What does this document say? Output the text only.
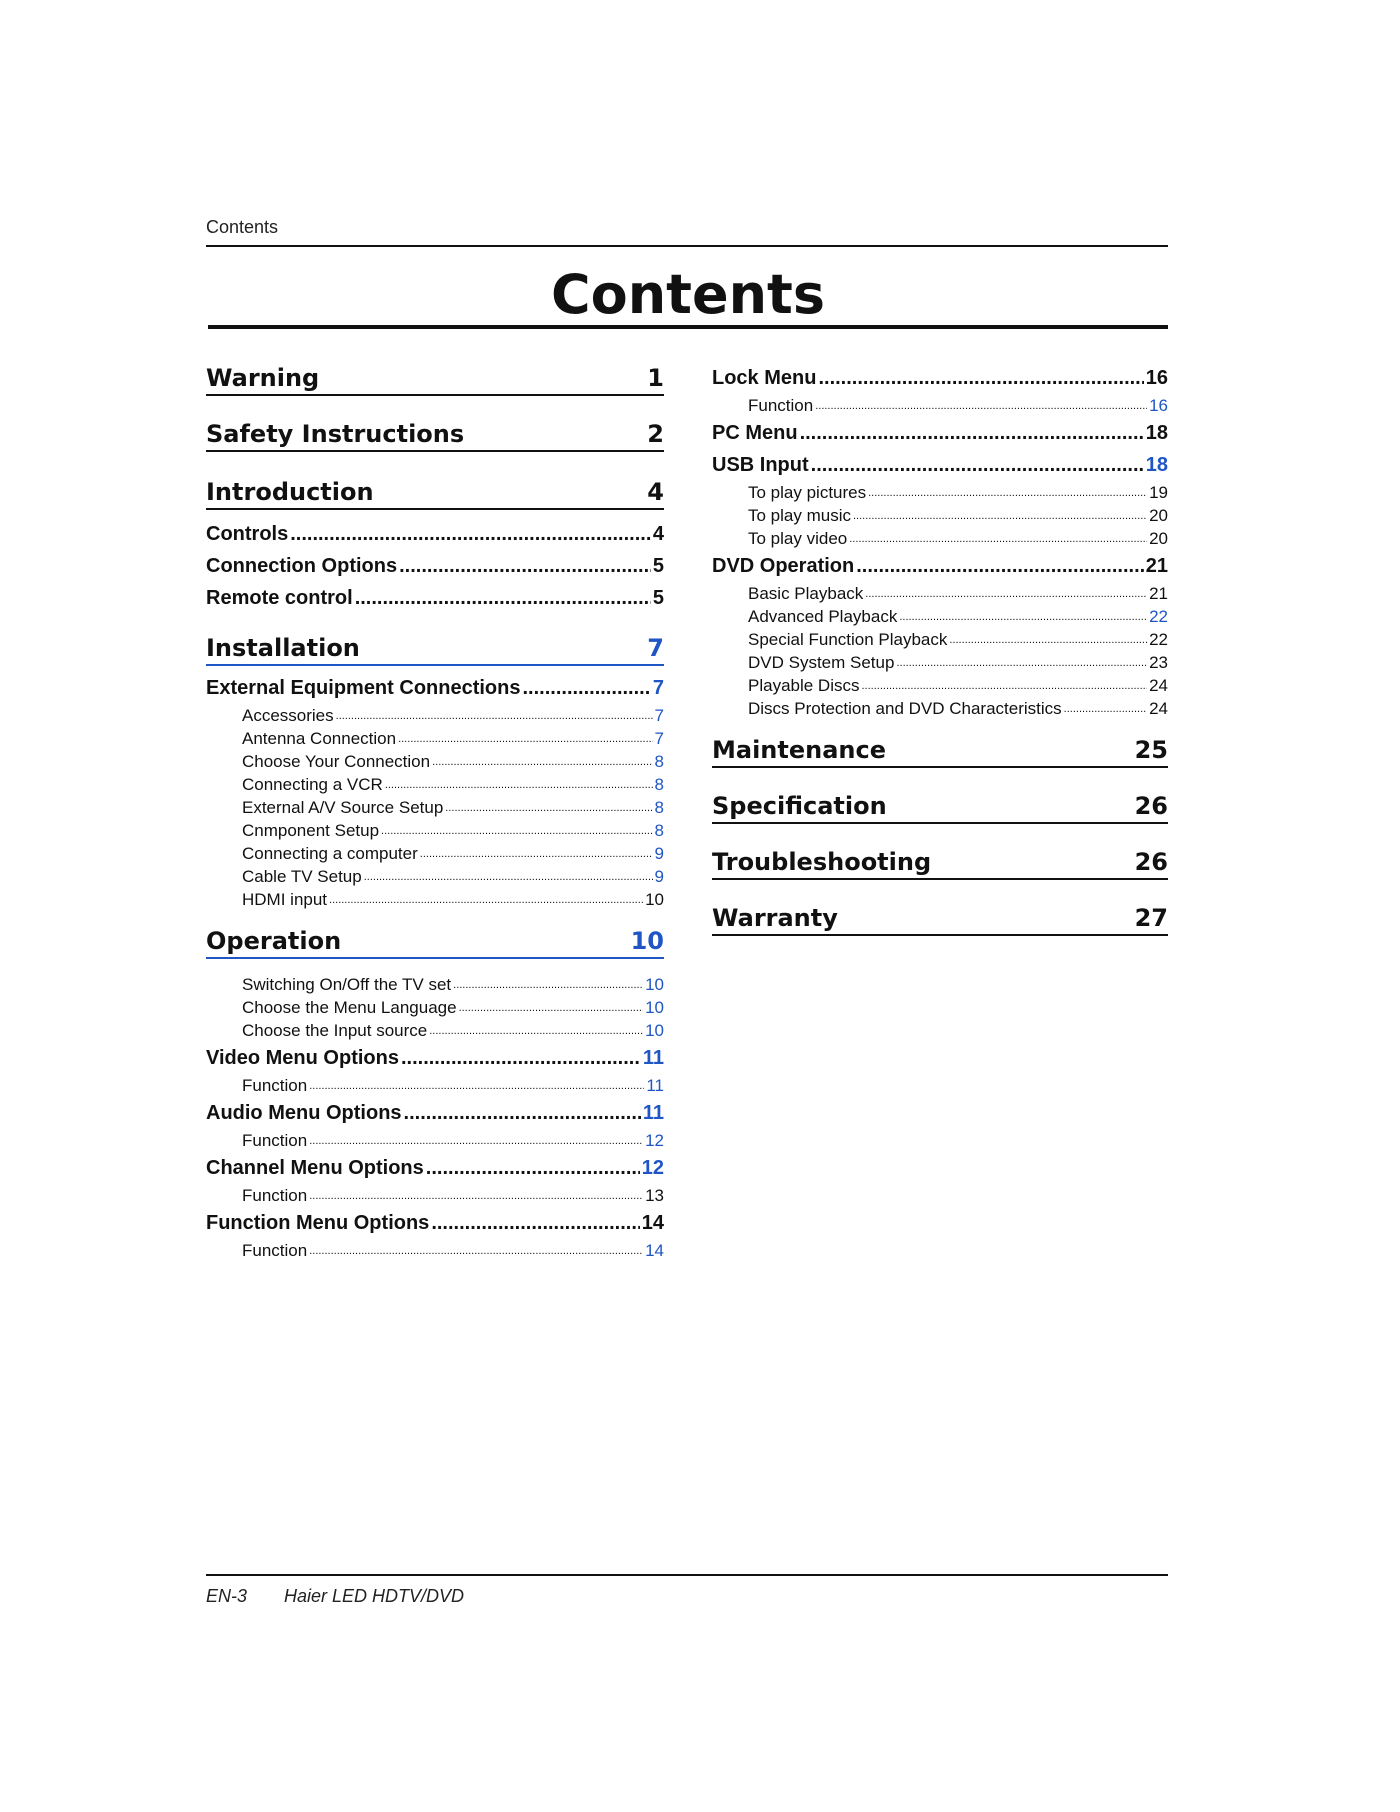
Contents
Contents
Warning	1
Safety Instructions	2
Introduction	4
Controls .....	4
Connection Options .....	5
Remote control .....	5
Installation	7
External Equipment Connections .....	7
Accessories .....	7
Antenna Connection .....	7
Choose Your Connection .....	8
Connecting a VCR .....	8
External A/V Source Setup .....	8
Cnmponent Setup .....	8
Connecting a computer .....	9
Cable TV Setup .....	9
HDMI input .....	10
Operation	10
Switching On/Off the TV set .....	10
Choose the Menu Language .....	10
Choose the Input source .....	10
Video Menu Options .....	11
Function .....	11
Audio Menu Options .....	11
Function .....	12
Channel Menu Options .....	12
Function .....	13
Function Menu Options .....	14
Function .....	14
Lock Menu .....	16
Function .....	16
PC Menu .....	18
USB Input .....	18
To play pictures .....	19
To play music .....	20
To play video .....	20
DVD Operation .....	21
Basic Playback .....	21
Advanced Playback .....	22
Special Function Playback .....	22
DVD System Setup .....	23
Playable Discs .....	24
Discs Protection and DVD Characteristics .....	24
Maintenance	25
Specification	26
Troubleshooting	26
Warranty	27
EN-3 Haier LED HDTV/DVD
